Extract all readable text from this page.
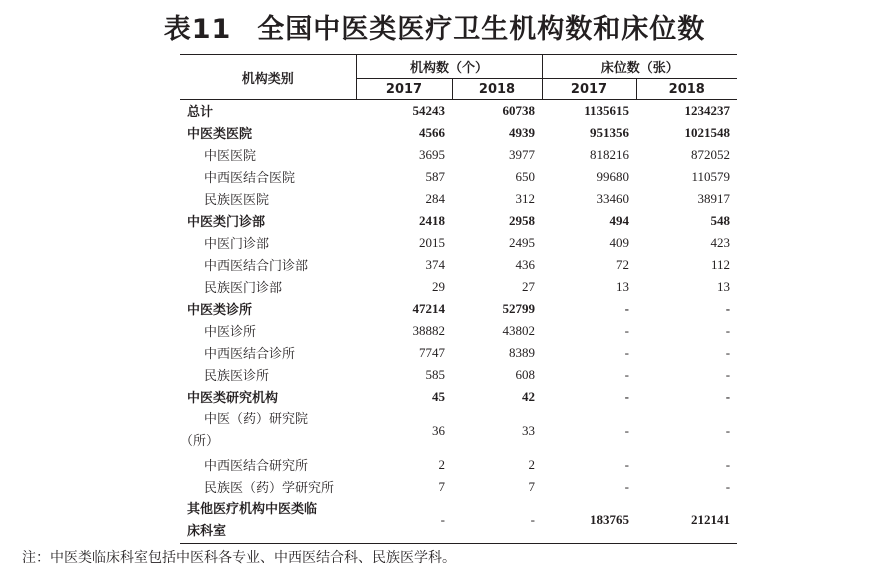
表11 全国中医类医疗卫生机构数和床位数
机构类别	机构数（个）		床位数（张）	
	2017	2018	2017	2018
总计	54243	60738	1135615	1234237
中医类医院	4566	4939	951356	1021548
中医医院	3695	3977	818216	872052
中西医结合医院	587	650	99680	110579
民族医医院	284	312	33460	38917
中医类门诊部	2418	2958	494	548
中医门诊部	2015	2495	409	423
中西医结合门诊部	374	436	72	112
民族医门诊部	29	27	13	13
中医类诊所	47214	52799	-	-
中医诊所	38882	43802	-	-
中西医结合诊所	7747	8389	-	-
民族医诊所	585	608	-	-
中医类研究机构	45	42	-	-

中医（药）研究院
（所）	36	33	-	-
中西医结合研究所	2	2	-	-
民族医（药）学研究所	7	7	-	-

其他医疗机构中医类临
床科室	-	-	183765	212141
注：中医类临床科室包括中医科各专业、中西医结合科、民族医学科。
